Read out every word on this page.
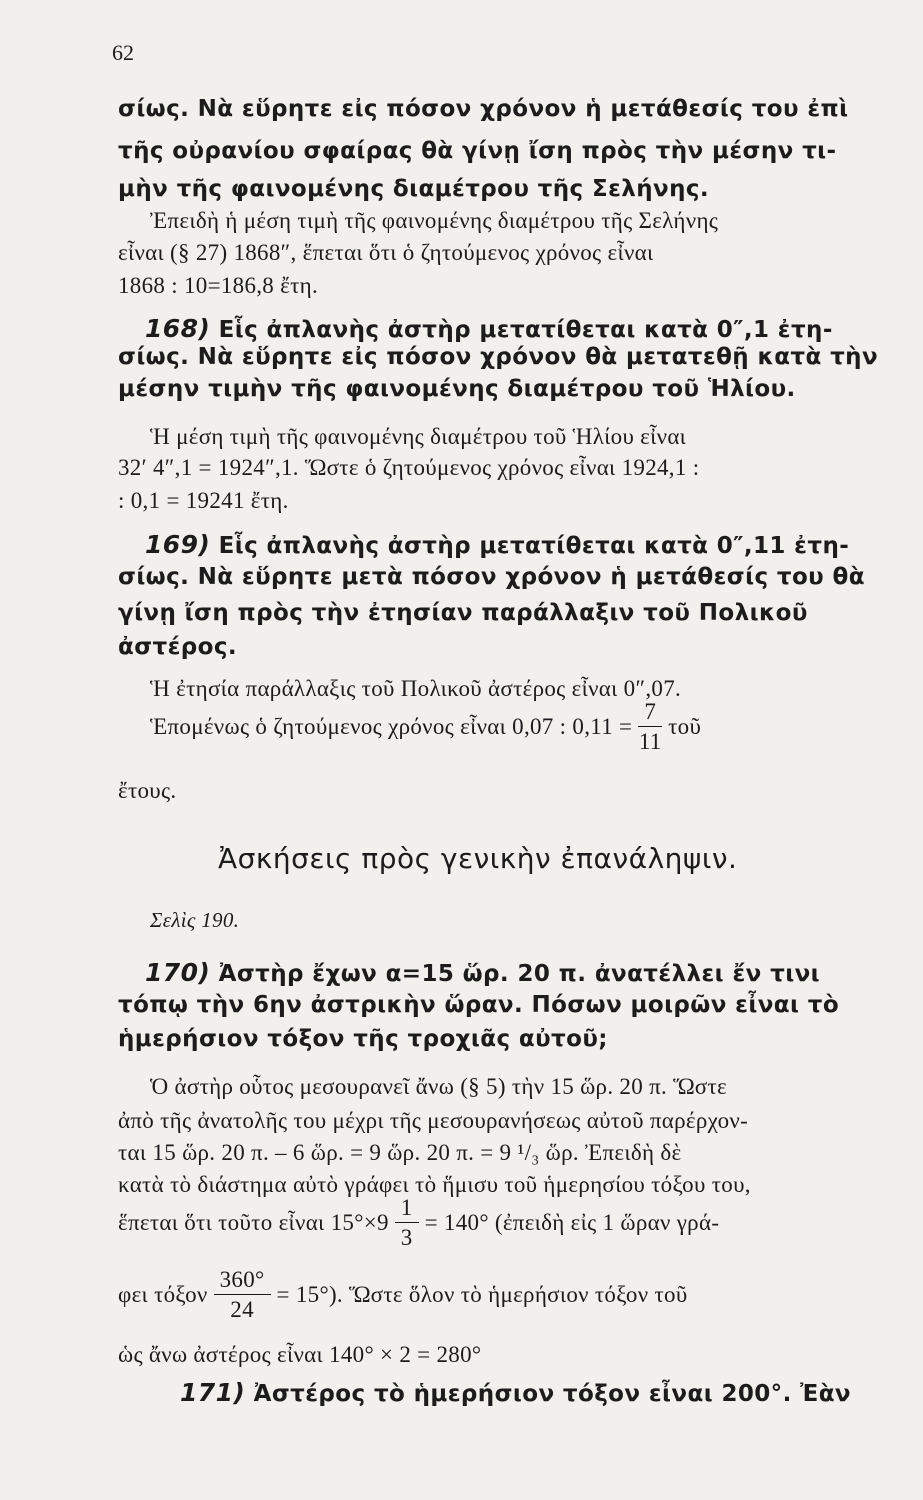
62
σίως. Νὰ εὕρητε εἰς πόσον χρόνον ἡ μετάθεσίς του ἐπὶ
τῆς οὐρανίου σφαίρας θὰ γίνῃ ἴση πρὸς τὴν μέσην τι-
μὴν τῆς φαινομένης διαμέτρου τῆς Σελήνης.
Ἐπειδὴ ἡ μέση τιμὴ τῆς φαινομένης διαμέτρου τῆς Σελήνης
εἶναι (§ 27) 1868″, ἕπεται ὅτι ὁ ζητούμενος χρόνος εἶναι
1868 : 10=186,8 ἔτη.
168) Εἷς ἀπλανὴς ἀστὴρ μετατίθεται κατὰ 0″,1 ἐτη-
σίως. Νὰ εὕρητε εἰς πόσον χρόνον θὰ μετατεθῇ κατὰ τὴν
μέσην τιμὴν τῆς φαινομένης διαμέτρου τοῦ Ἡλίου.
Ἡ μέση τιμὴ τῆς φαινομένης διαμέτρου τοῦ Ἡλίου εἶναι
32′ 4″,1 = 1924″,1. Ὥστε ὁ ζητούμενος χρόνος εἶναι 1924,1 :
: 0,1 = 19241 ἔτη.
169) Εἷς ἀπλανὴς ἀστὴρ μετατίθεται κατὰ 0″,11 ἐτη-
σίως. Νὰ εὕρητε μετὰ πόσον χρόνον ἡ μετάθεσίς του θὰ
γίνῃ ἴση πρὸς τὴν ἐτησίαν παράλλαξιν τοῦ Πολικοῦ
ἀστέρος.
Ἡ ἐτησία παράλλαξις τοῦ Πολικοῦ ἀστέρος εἶναι 0″,07.
Ἑπομένως ὁ ζητούμενος χρόνος εἶναι 0,07 : $0,11 = \frac{7}{11}$ τοῦ
ἔτους.
Ἀσκήσεις πρὸς γενικὴν ἐπανάληψιν.
Σελὶς 190.
170) Ἀστὴρ ἔχων α=15 ὥρ. 20 π. ἀνατέλλει ἔν τινι
τόπῳ τὴν 6ην ἀστρικὴν ὥραν. Πόσων μοιρῶν εἶναι τὸ
ἡμερήσιον τόξον τῆς τροχιᾶς αὐτοῦ;
Ὁ ἀστὴρ οὗτος μεσουρανεῖ ἄνω (§ 5) τὴν 15 ὥρ. 20 π. Ὥστε
ἀπὸ τῆς ἀνατολῆς του μέχρι τῆς μεσουρανήσεως αὐτοῦ παρέρχον-
ται 15 ὥρ. 20 π. – 6 ὥρ. = 9 ὥρ. 20 π. = 9 ¹/₃ ὥρ. Ἐπειδὴ δὲ
κατὰ τὸ διάστημα αὐτὸ γράφει τὸ ἥμισυ τοῦ ἡμερησίου τόξου του,
ἕπεται ὅτι τοῦτο εἶναι $15^\circ\times 9 \frac{1}{3} = 140^\circ$ (ἐπειδὴ εἰς 1 ὥραν γρά-
φει τόξον $\frac{360^\circ}{24} = 15^\circ$). Ὥστε ὅλον τὸ ἡμερήσιον τόξον τοῦ
ὡς ἄνω ἀστέρος εἶναι 140° × 2 = 280°
171) Ἀστέρος τὸ ἡμερήσιον τόξον εἶναι 200°. Ἐὰν
